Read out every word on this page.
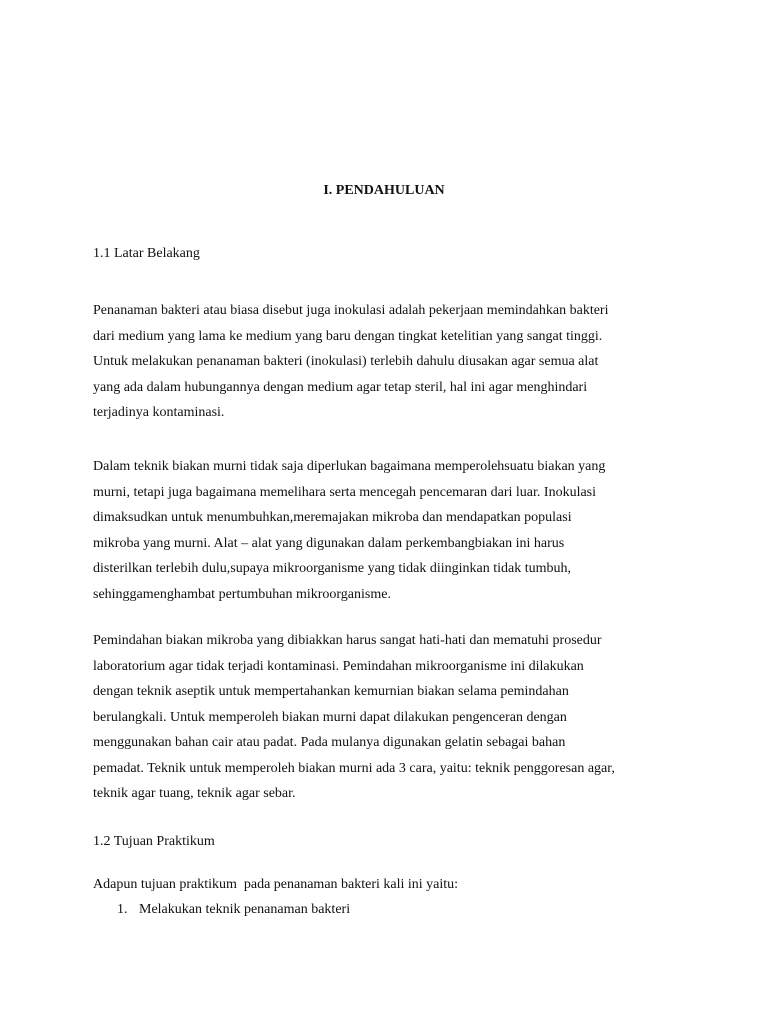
I. PENDAHULUAN
1.1 Latar Belakang

Penanaman bakteri atau biasa disebut juga inokulasi adalah pekerjaan memindahkan bakteri
dari medium yang lama ke medium yang baru dengan tingkat ketelitian yang sangat tinggi.
Untuk melakukan penanaman bakteri (inokulasi) terlebih dahulu diusakan agar semua alat
yang ada dalam hubungannya dengan medium agar tetap steril, hal ini agar menghindari
terjadinya kontaminasi.

Dalam teknik biakan murni tidak saja diperlukan bagaimana memperolehsuatu biakan yang
murni, tetapi juga bagaimana memelihara serta mencegah pencemaran dari luar. Inokulasi
dimaksudkan untuk menumbuhkan,meremajakan mikroba dan mendapatkan populasi
mikroba yang murni. Alat – alat yang digunakan dalam perkembangbiakan ini harus
disterilkan terlebih dulu,supaya mikroorganisme yang tidak diinginkan tidak tumbuh,
sehinggamenghambat pertumbuhan mikroorganisme.

Pemindahan biakan mikroba yang dibiakkan harus sangat hati-hati dan mematuhi prosedur
laboratorium agar tidak terjadi kontaminasi. Pemindahan mikroorganisme ini dilakukan
dengan teknik aseptik untuk mempertahankan kemurnian biakan selama pemindahan
berulangkali. Untuk memperoleh biakan murni dapat dilakukan pengenceran dengan
menggunakan bahan cair atau padat. Pada mulanya digunakan gelatin sebagai bahan
pemadat. Teknik untuk memperoleh biakan murni ada 3 cara, yaitu: teknik penggoresan agar,
teknik agar tuang, teknik agar sebar.

1.2 Tujuan Praktikum

Adapun tujuan praktikum  pada penanaman bakteri kali ini yaitu:

1. Melakukan teknik penanaman bakteri
